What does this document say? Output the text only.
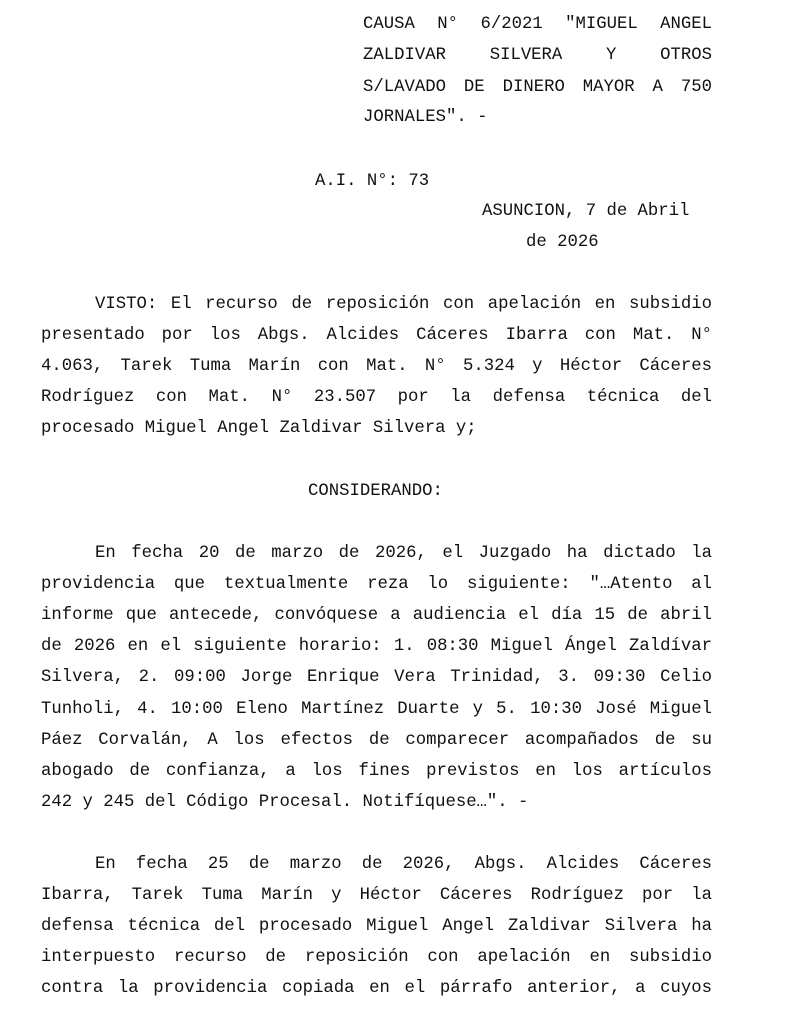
CAUSA N° 6/2021 "MIGUEL ANGEL
ZALDIVAR SILVERA Y OTROS
S/LAVADO DE DINERO MAYOR A 750
JORNALES". -
A.I. N°: 73
ASUNCION, 7 de Abril
de 2026
VISTO: El recurso de reposición con apelación en subsidio
presentado por los Abgs. Alcides Cáceres Ibarra con Mat. N°
4.063, Tarek Tuma Marín con Mat. N° 5.324 y Héctor Cáceres
Rodríguez con Mat. N° 23.507 por la defensa técnica del
procesado Miguel Angel Zaldivar Silvera y;
CONSIDERANDO:
En fecha 20 de marzo de 2026, el Juzgado ha dictado la
providencia que textualmente reza lo siguiente: "…Atento al
informe que antecede, convóquese a audiencia el día 15 de abril
de 2026 en el siguiente horario: 1. 08:30 Miguel Ángel Zaldívar
Silvera, 2. 09:00 Jorge Enrique Vera Trinidad, 3. 09:30 Celio
Tunholi, 4. 10:00 Eleno Martínez Duarte y 5. 10:30 José Miguel
Páez Corvalán, A los efectos de comparecer acompañados de su
abogado de confianza, a los fines previstos en los artículos
242 y 245 del Código Procesal. Notifíquese…". -
En fecha 25 de marzo de 2026, Abgs. Alcides Cáceres
Ibarra, Tarek Tuma Marín y Héctor Cáceres Rodríguez por la
defensa técnica del procesado Miguel Angel Zaldivar Silvera ha
interpuesto recurso de reposición con apelación en subsidio
contra la providencia copiada en el párrafo anterior, a cuyos
